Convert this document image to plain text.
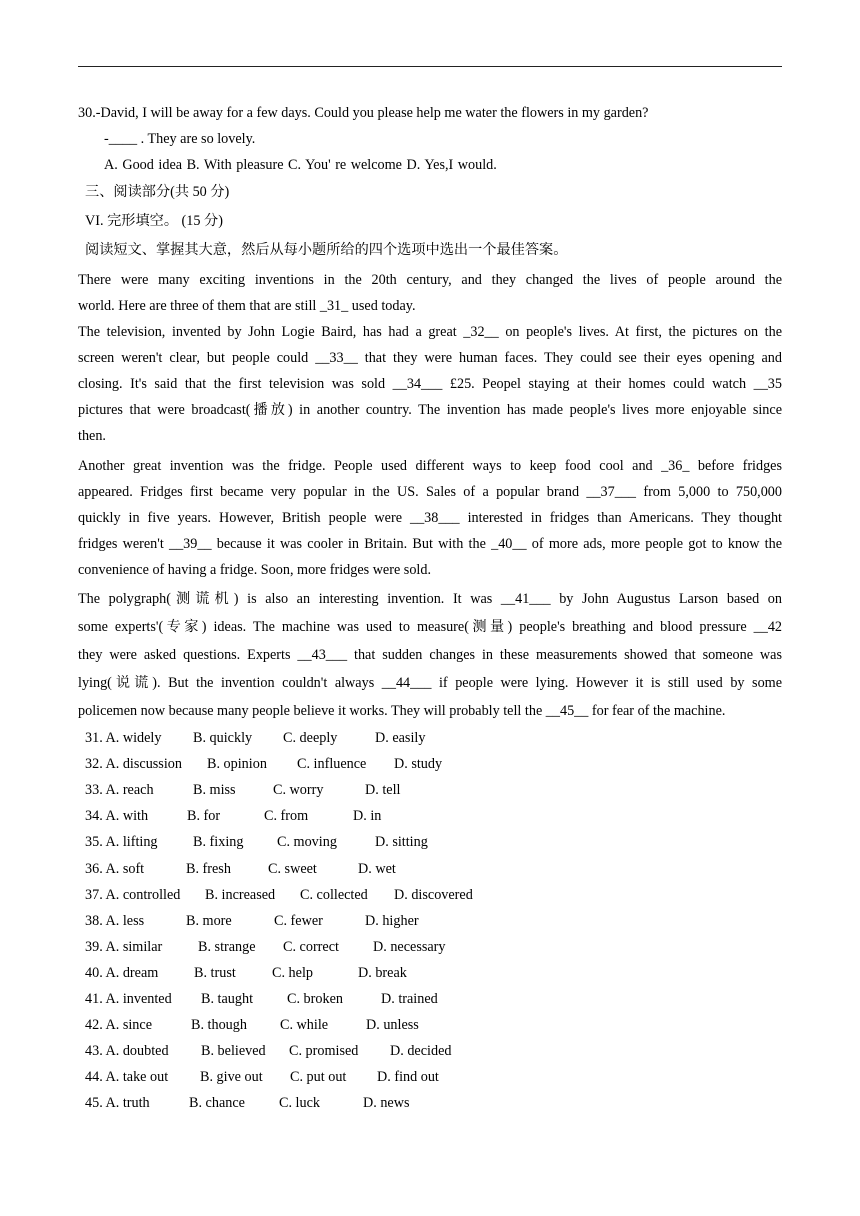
30.-David, I will be away for a few days. Could you please help me water the flowers in my garden?
-____ . They are so lovely.
A. Good idea B. With pleasure C. You' re welcome D. Yes,I would.
三、阅读部分(共 50 分)
VI. 完形填空。 (15 分)
阅读短文、掌握其大意，然后从每小题所给的四个选项中选出一个最佳答案。
There were many exciting inventions in the 20th century, and they changed the lives of people around the
world. Here are three of them that are still _31_ used today.
The television, invented by John Logie Baird, has had a great _32__ on people's lives. At first, the pictures on the
screen weren't clear, but people could __33__ that they were human faces. They could see their eyes opening and
closing. It's said that the first television was sold __34___ £25. Peopel staying at their homes could watch __35
pictures that were broadcast(播放) in another country. The invention has made people's lives more enjoyable since
then.
Another great invention was the fridge. People used different ways to keep food cool and _36_ before fridges
appeared. Fridges first became very popular in the US. Sales of a popular brand __37___ from 5,000 to 750,000
quickly in five years. However, British people were __38___ interested in fridges than Americans. They thought
fridges weren't __39__ because it was cooler in Britain. But with the _40__ of more ads, more people got to know the
convenience of having a fridge. Soon, more fridges were sold.
The polygraph(测谎机) is also an interesting invention. It was __41___ by John Augustus Larson based on
some experts'(专家) ideas. The machine was used to measure(测量) people's breathing and blood pressure __42
they were asked questions. Experts __43___ that sudden changes in these measurements showed that someone was
lying(说谎). But the invention couldn't always __44___ if people were lying. However it is still used by some
policemen now because many people believe it works. They will probably tell the __45__ for fear of the machine.
31. A. widely B. quickly C. deeply	D. easily
32. A. discussion B. opinion C. influence D. study
33. A. reach	B. miss	C. worry	D. tell
34. A. with	B. for	C. from	D. in
35. A. lifting B. fixing C. moving	D. sitting
36. A. soft	B. fresh	C. sweet	D. wet
37. A. controlled B. increased C. collected D. discovered
38. A. less	B. more	C. fewer	D. higher
39. A. similar	B. strange C. correct D. necessary
40. A. dream	B. trust	C. help	D. break
41. A. invented B. taught C. broken	D. trained
42. A. since	B. though C. while	D. unless
43. A. doubted B. believed C. promised D. decided
44. A. take out B. give out C. put out D. find out
45. A. truth	B. chance C. luck	D. news
